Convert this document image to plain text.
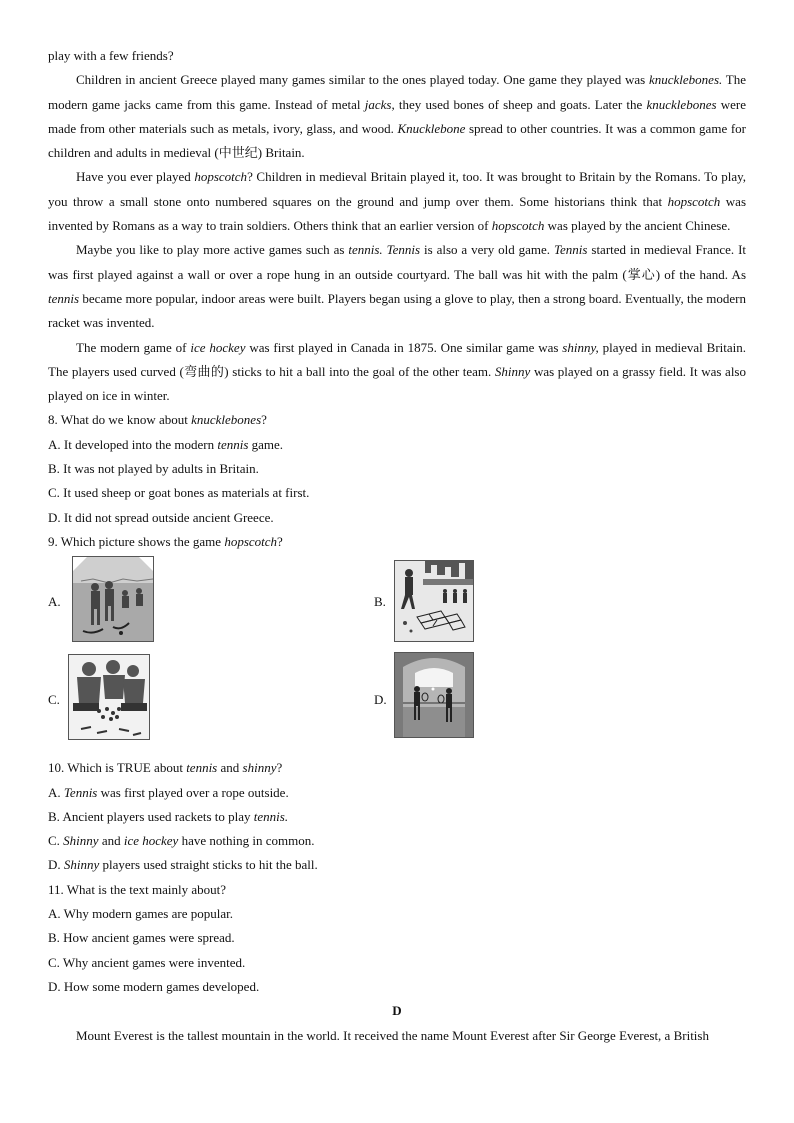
play with a few friends?

Children in ancient Greece played many games similar to the ones played today. One game they played was knucklebones. The modern game jacks came from this game. Instead of metal jacks, they used bones of sheep and goats. Later the knucklebones were made from other materials such as metals, ivory, glass, and wood. Knucklebone spread to other countries. It was a common game for children and adults in medieval (中世纪) Britain.

Have you ever played hopscotch? Children in medieval Britain played it, too. It was brought to Britain by the Romans. To play, you throw a small stone onto numbered squares on the ground and jump over them. Some historians think that hopscotch was invented by Romans as a way to train soldiers. Others think that an earlier version of hopscotch was played by the ancient Chinese.

Maybe you like to play more active games such as tennis. Tennis is also a very old game. Tennis started in medieval France. It was first played against a wall or over a rope hung in an outside courtyard. The ball was hit with the palm (掌心) of the hand. As tennis became more popular, indoor areas were built. Players began using a glove to play, then a strong board. Eventually, the modern racket was invented.

The modern game of ice hockey was first played in Canada in 1875. One similar game was shinny, played in medieval Britain. The players used curved (弯曲的) sticks to hit a ball into the goal of the other team. Shinny was played on a grassy field. It was also played on ice in winter.

8. What do we know about knucklebones?

A. It developed into the modern tennis game.

B. It was not played by adults in Britain.

C. It used sheep or goat bones as materials at first.

D. It did not spread outside ancient Greece.

9. Which picture shows the game hopscotch?

A.	B.
C.	D.

10. Which is TRUE about tennis and shinny?

A. Tennis was first played over a rope outside.

B. Ancient players used rackets to play tennis.

C. Shinny and ice hockey have nothing in common.

D. Shinny players used straight sticks to hit the ball.

11. What is the text mainly about?

A. Why modern games are popular.

B. How ancient games were spread.

C. Why ancient games were invented.

D. How some modern games developed.

D

Mount Everest is the tallest mountain in the world. It received the name Mount Everest after Sir George Everest, a British
